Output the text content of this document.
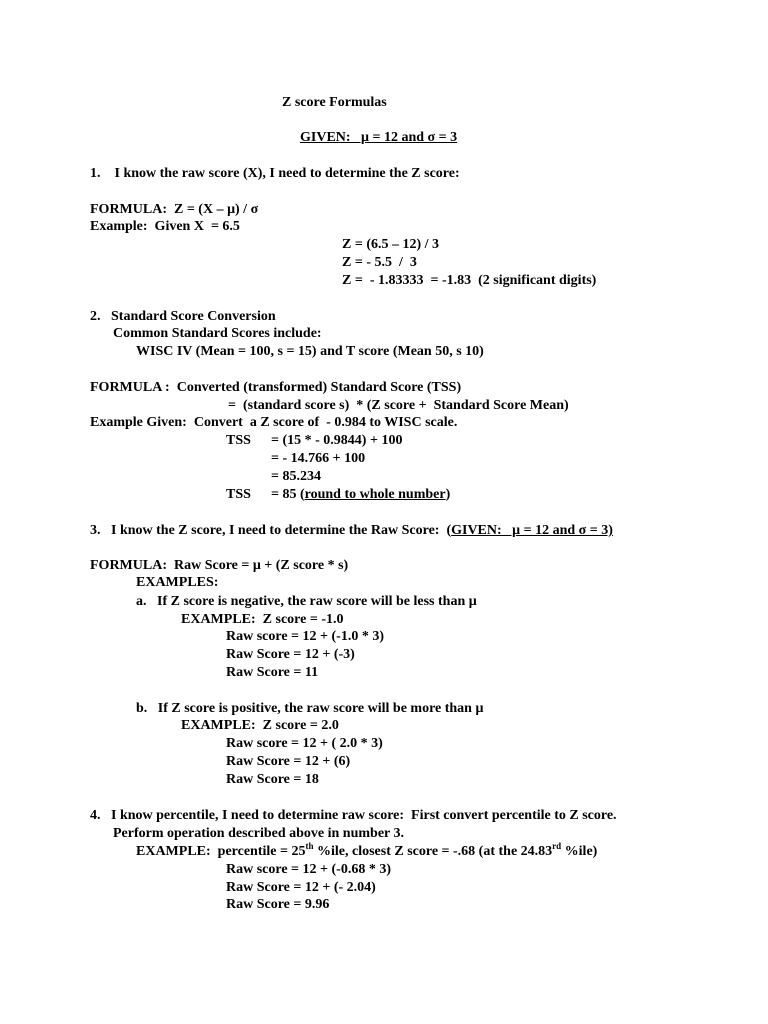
Z score Formulas
GIVEN:   μ = 12 and σ = 3
1.    I know the raw score (X), I need to determine the Z score:
FORMULA:  Z = (X – μ) / σ
Example:  Given X  = 6.5
Z = (6.5 – 12) / 3
Z = - 5.5  /  3
Z =  - 1.83333  = -1.83  (2 significant digits)
2.   Standard Score Conversion
Common Standard Scores include:
WISC IV (Mean = 100, s = 15) and T score (Mean 50, s 10)
FORMULA :  Converted (transformed) Standard Score (TSS)
=  (standard score s)  * (Z score +  Standard Score Mean)
Example Given:  Convert  a Z score of  - 0.984 to WISC scale.
TSS = (15 * - 0.9844) + 100
= - 14.766 + 100
= 85.234
TSS = 85 (round to whole number)
3.   I know the Z score, I need to determine the Raw Score:  (GIVEN:   μ = 12 and σ = 3)
FORMULA:  Raw Score = μ + (Z score * s)
EXAMPLES:
a.   If Z score is negative, the raw score will be less than μ
EXAMPLE:  Z score = -1.0
Raw score = 12 + (-1.0 * 3)
Raw Score = 12 + (-3)
Raw Score = 11
b.   If Z score is positive, the raw score will be more than μ
EXAMPLE:  Z score = 2.0
Raw score = 12 + ( 2.0 * 3)
Raw Score = 12 + (6)
Raw Score = 18
4.   I know percentile, I need to determine raw score:  First convert percentile to Z score.
Perform operation described above in number 3.
EXAMPLE:  percentile = 25th %ile, closest Z score = -.68 (at the 24.83rd %ile)
Raw score = 12 + (-0.68 * 3)
Raw Score = 12 + (- 2.04)
Raw Score = 9.96
